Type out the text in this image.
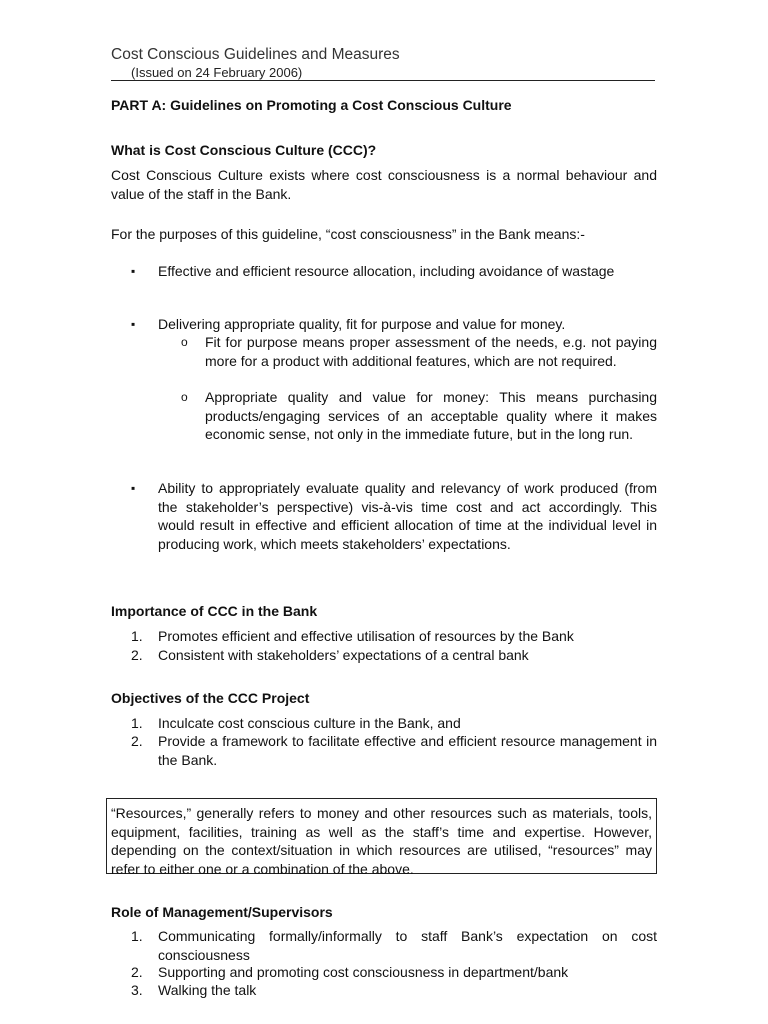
Cost Conscious Guidelines and Measures
(Issued on 24 February 2006)
PART A: Guidelines on Promoting a Cost Conscious Culture
What is Cost Conscious Culture (CCC)?
Cost Conscious Culture exists where cost consciousness is a normal behaviour and value of the staff in the Bank.
For the purposes of this guideline, “cost consciousness” in the Bank means:-
▪ Effective and efficient resource allocation, including avoidance of wastage
▪ Delivering appropriate quality, fit for purpose and value for money.
o Fit for purpose means proper assessment of the needs, e.g. not paying more for a product with additional features, which are not required.
o Appropriate quality and value for money: This means purchasing products/engaging services of an acceptable quality where it makes economic sense, not only in the immediate future, but in the long run.
▪ Ability to appropriately evaluate quality and relevancy of work produced (from the stakeholder’s perspective) vis-à-vis time cost and act accordingly. This would result in effective and efficient allocation of time at the individual level in producing work, which meets stakeholders’ expectations.
Importance of CCC in the Bank
1. Promotes efficient and effective utilisation of resources by the Bank
2. Consistent with stakeholders’ expectations of a central bank
Objectives of the CCC Project
1. Inculcate cost conscious culture in the Bank, and
2. Provide a framework to facilitate effective and efficient resource management in the Bank.
“Resources,” generally refers to money and other resources such as materials, tools, equipment, facilities, training as well as the staff’s time and expertise. However, depending on the context/situation in which resources are utilised, “resources” may refer to either one or a combination of the above.
Role of Management/Supervisors
1. Communicating formally/informally to staff Bank’s expectation on cost consciousness
2. Supporting and promoting cost consciousness in department/bank
3. Walking the talk
